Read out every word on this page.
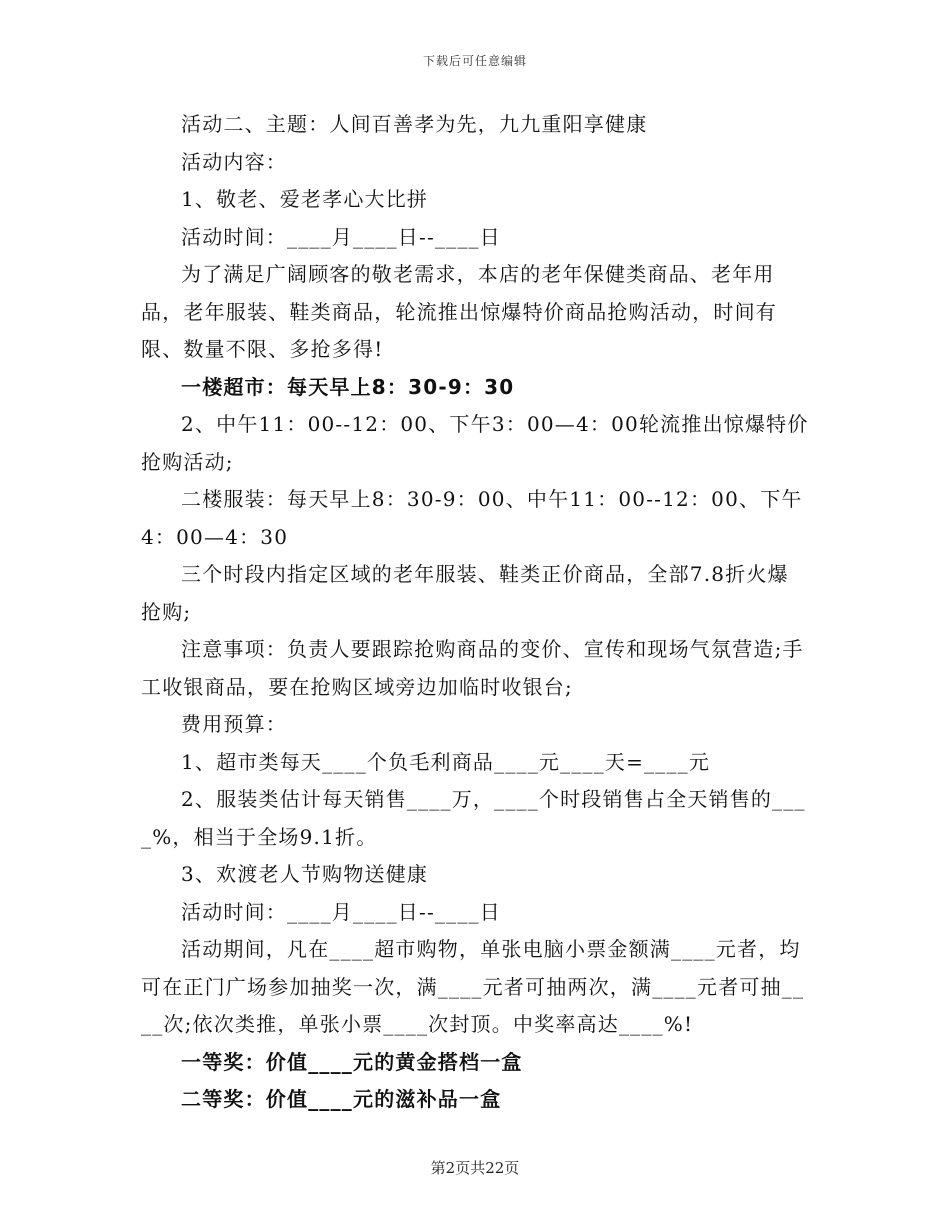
下载后可任意编辑

活动二、主题：人间百善孝为先，九九重阳享健康

活动内容：

1、敬老、爱老孝心大比拼

活动时间：____月____日--____日

为了满足广阔顾客的敬老需求，本店的老年保健类商品、老年用品，老年服装、鞋类商品，轮流推出惊爆特价商品抢购活动，时间有限、数量不限、多抢多得!

一楼超市：每天早上8：30-9：30

2、中午11：00--12：00、下午3：00—4：00轮流推出惊爆特价抢购活动;

二楼服装：每天早上8：30-9：00、中午11：00--12：00、下午4：00—4：30

三个时段内指定区域的老年服装、鞋类正价商品，全部7.8折火爆抢购;

注意事项：负责人要跟踪抢购商品的变价、宣传和现场气氛营造;手工收银商品，要在抢购区域旁边加临时收银台;

费用预算：

1、超市类每天____个负毛利商品____元____天=____元

2、服装类估计每天销售____万，____个时段销售占全天销售的____%，相当于全场9.1折。

3、欢渡老人节购物送健康

活动时间：____月____日--____日

活动期间，凡在____超市购物，单张电脑小票金额满____元者，均可在正门广场参加抽奖一次，满____元者可抽两次，满____元者可抽____次;依次类推，单张小票____次封顶。中奖率高达____%!

一等奖：价值____元的黄金搭档一盒

二等奖：价值____元的滋补品一盒

第2页共22页
